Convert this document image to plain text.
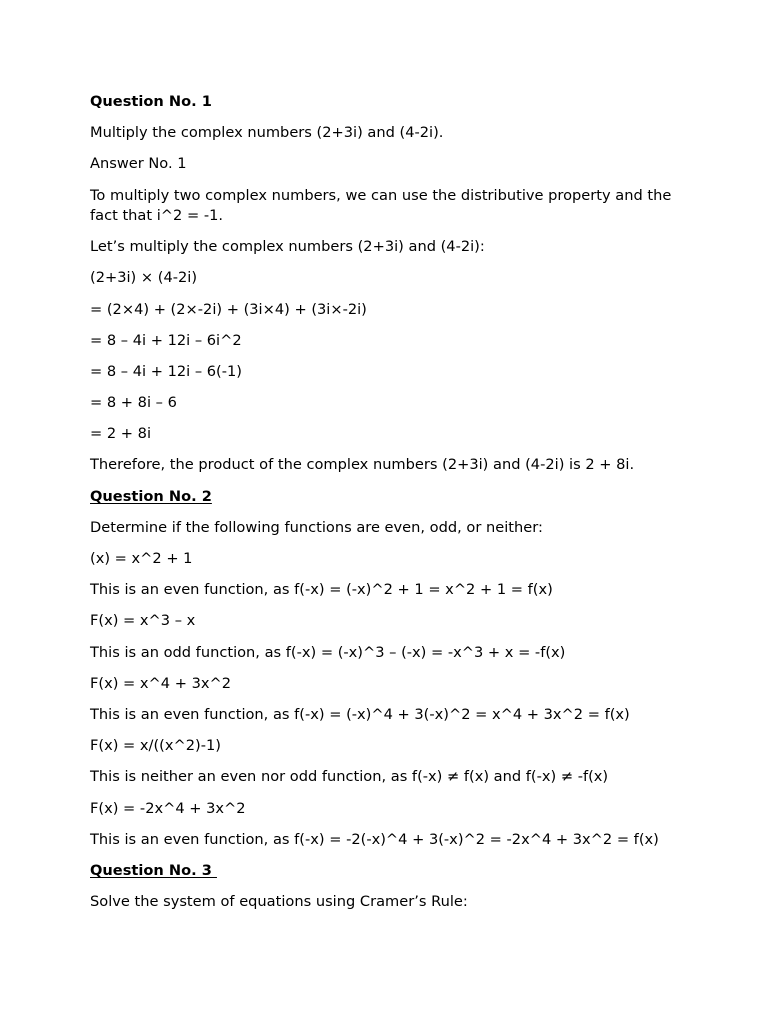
Question No. 1
Multiply the complex numbers (2+3i) and (4-2i).
Answer No. 1
To multiply two complex numbers, we can use the distributive property and the fact that i^2 = -1.
Let’s multiply the complex numbers (2+3i) and (4-2i):
(2+3i) × (4-2i)
= (2×4) + (2×-2i) + (3i×4) + (3i×-2i)
= 8 – 4i + 12i – 6i^2
= 8 – 4i + 12i – 6(-1)
= 8 + 8i – 6
= 2 + 8i
Therefore, the product of the complex numbers (2+3i) and (4-2i) is 2 + 8i.
Question No. 2
Determine if the following functions are even, odd, or neither:
(x) = x^2 + 1
This is an even function, as f(-x) = (-x)^2 + 1 = x^2 + 1 = f(x)
F(x) = x^3 – x
This is an odd function, as f(-x) = (-x)^3 – (-x) = -x^3 + x = -f(x)
F(x) = x^4 + 3x^2
This is an even function, as f(-x) = (-x)^4 + 3(-x)^2 = x^4 + 3x^2 = f(x)
F(x) = x/((x^2)-1)
This is neither an even nor odd function, as f(-x) ≠ f(x) and f(-x) ≠ -f(x)
F(x) = -2x^4 + 3x^2
This is an even function, as f(-x) = -2(-x)^4 + 3(-x)^2 = -2x^4 + 3x^2 = f(x)
Question No. 3
Solve the system of equations using Cramer’s Rule:
